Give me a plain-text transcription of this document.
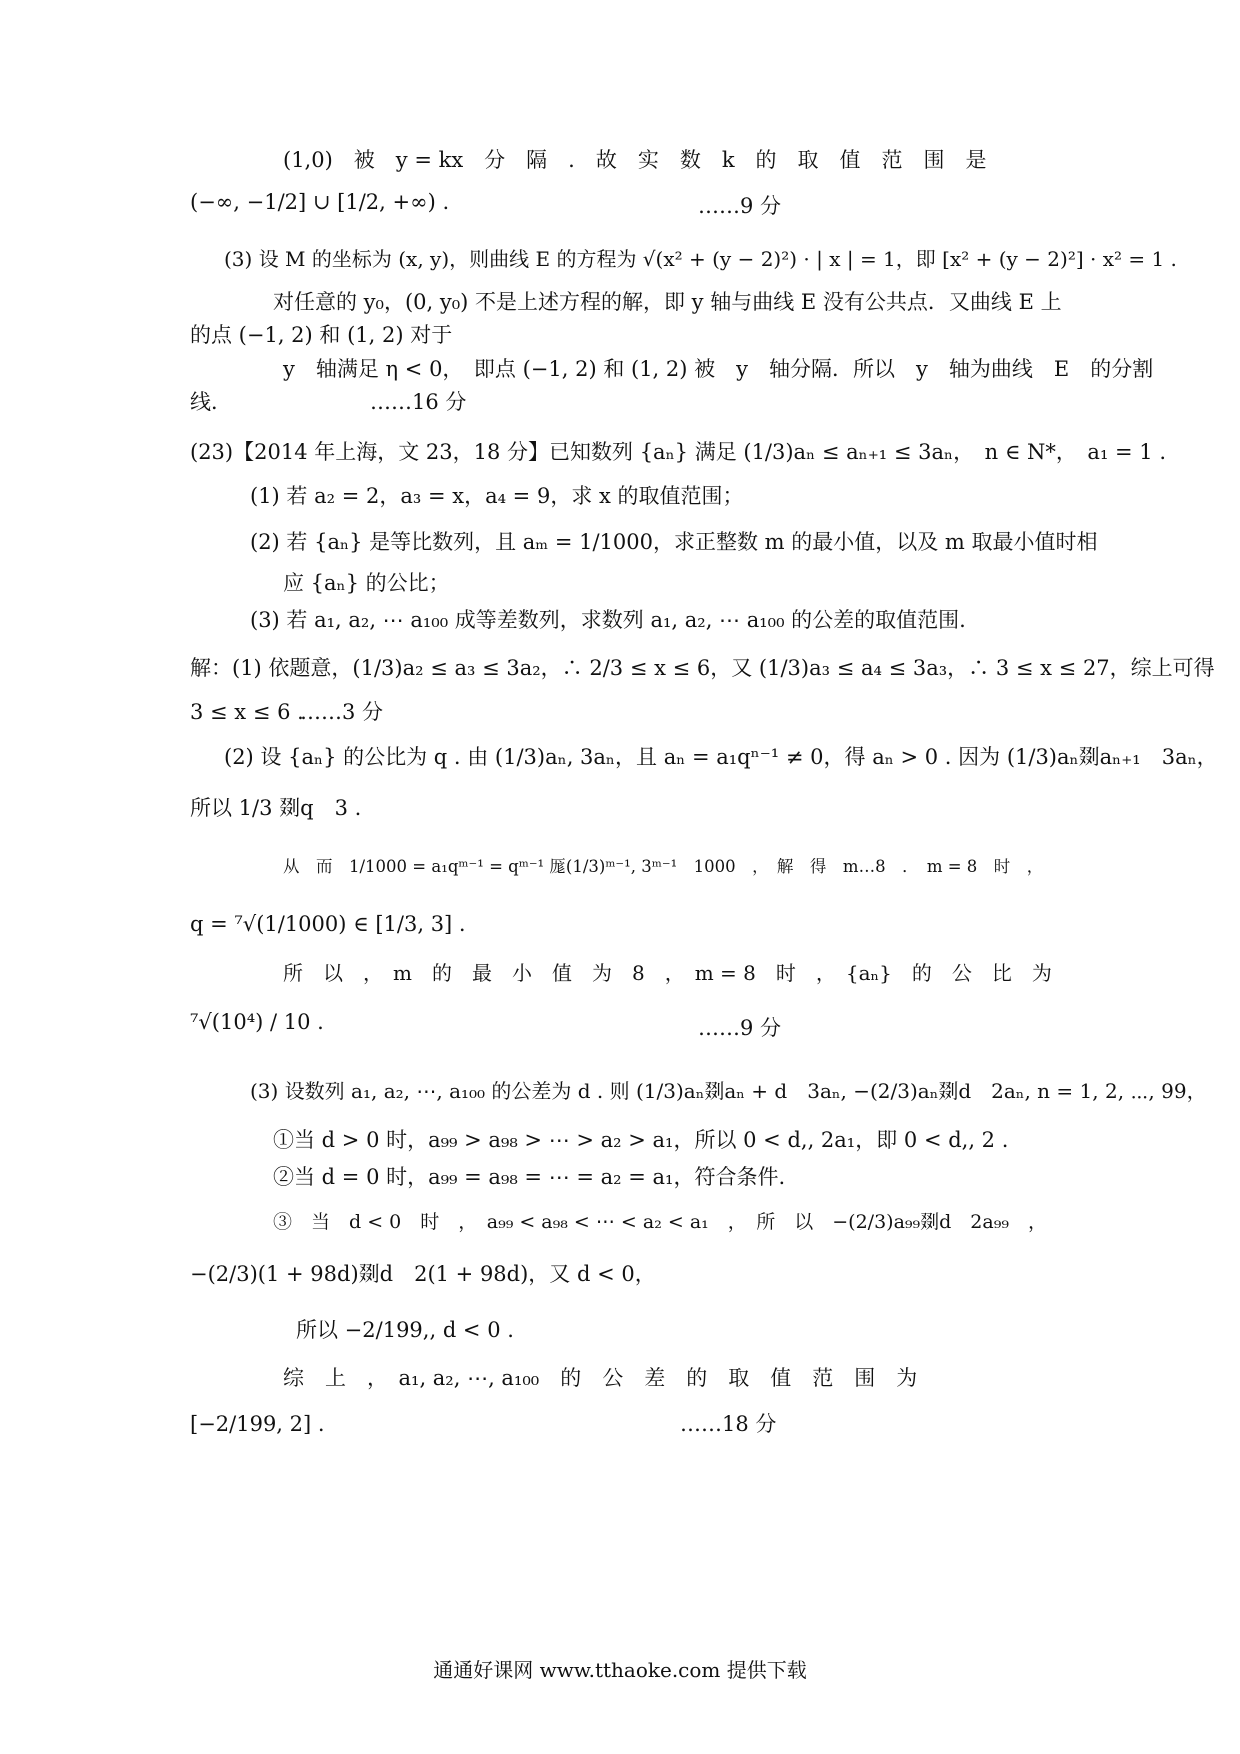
(1,0)　被　y = kx　分　隔　.　故　实　数　k　的　取　值　范　围　是
(−∞, −1/2] ∪ [1/2, +∞) .	……9 分
(3) 设 M 的坐标为 (x, y)，则曲线 E 的方程为 √(x² + (y − 2)²) · | x | = 1，即 [x² + (y − 2)²] · x² = 1 .
对任意的 y₀，(0, y₀) 不是上述方程的解，即 y 轴与曲线 E 没有公共点．又曲线 E 上
的点 (−1, 2) 和 (1, 2) 对于
y　轴满足 η < 0，　即点 (−1, 2) 和 (1, 2) 被　y　轴分隔．所以　y　轴为曲线　E　的分割
线．	……16 分
(23)【2014 年上海，文 23，18 分】已知数列 {aₙ} 满足 (1/3)aₙ ≤ aₙ₊₁ ≤ 3aₙ，　n ∈ N*，　a₁ = 1 .
(1) 若 a₂ = 2，a₃ = x，a₄ = 9，求 x 的取值范围；
(2) 若 {aₙ} 是等比数列，且 aₘ = 1/1000，求正整数 m 的最小值，以及 m 取最小值时相
应 {aₙ} 的公比；
(3) 若 a₁, a₂, ⋯ a₁₀₀ 成等差数列，求数列 a₁, a₂, ⋯ a₁₀₀ 的公差的取值范围.
解：(1) 依题意，(1/3)a₂ ≤ a₃ ≤ 3a₂，∴ 2/3 ≤ x ≤ 6，又 (1/3)a₃ ≤ a₄ ≤ 3a₃，∴ 3 ≤ x ≤ 27，综上可得
3 ≤ x ≤ 6 .
……3 分
(2) 设 {aₙ} 的公比为 q . 由 (1/3)aₙ, 3aₙ，且 aₙ = a₁qⁿ⁻¹ ≠ 0，得 aₙ > 0 . 因为 (1/3)aₙ剟aₙ₊₁　3aₙ，
所以 1/3 剟q　3 .
从　而　1/1000 = a₁qᵐ⁻¹ = qᵐ⁻¹ 厖(1/3)ᵐ⁻¹, 3ᵐ⁻¹　1000　，　解　得　m…8　．　m = 8　时　，
q = ⁷√(1/1000) ∈ [1/3, 3] .
所　以　，　m　的　最　小　值　为　8　，　m = 8　时　，　{aₙ}　的　公　比　为
⁷√(10⁴) / 10 .	……9 分
(3) 设数列 a₁, a₂, ⋯, a₁₀₀ 的公差为 d . 则 (1/3)aₙ剟aₙ + d　3aₙ, −(2/3)aₙ剟d　2aₙ, n = 1, 2, ⋯, 99，
①当 d > 0 时，a₉₉ > a₉₈ > ⋯ > a₂ > a₁，所以 0 < d,, 2a₁，即 0 < d,, 2 .
②当 d = 0 时，a₉₉ = a₉₈ = ⋯ = a₂ = a₁，符合条件.
③　当　d < 0　时　，　a₉₉ < a₉₈ < ⋯ < a₂ < a₁　，　所　以　−(2/3)a₉₉剟d　2a₉₉　，
−(2/3)(1 + 98d)剟d　2(1 + 98d)，又 d < 0，
所以 −2/199,, d < 0 .
综　上　，　a₁, a₂, ⋯, a₁₀₀　的　公　差　的　取　值　范　围　为
[−2/199, 2] .	……18 分
通通好课网 www.tthaoke.com 提供下载
